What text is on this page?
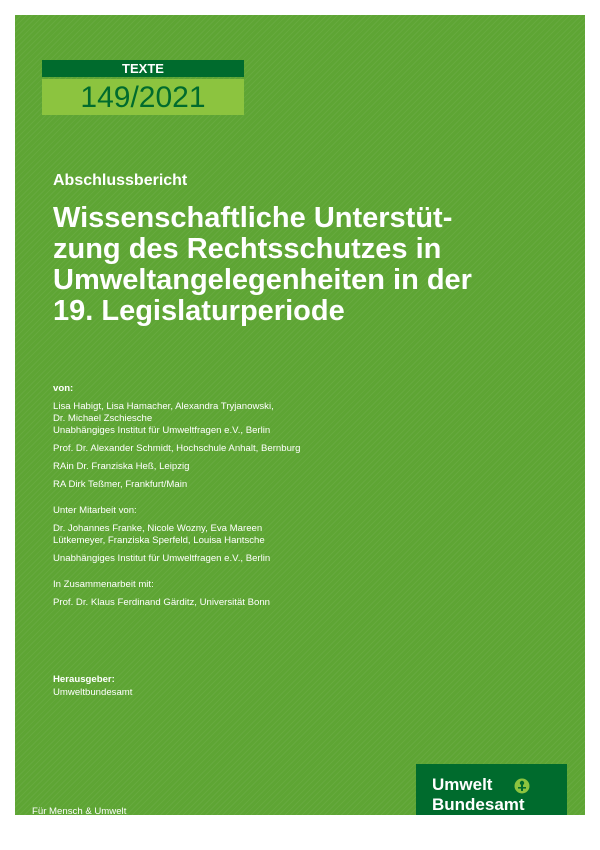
TEXTE
149/2021
Abschlussbericht
Wissenschaftliche Unterstüt-
zung des Rechtsschutzes in
Umweltangelegenheiten in der
19. Legislaturperiode
von:
Lisa Habigt, Lisa Hamacher, Alexandra Tryjanowski,
Dr. Michael Zschiesche
Unabhängiges Institut für Umweltfragen e.V., Berlin
Prof. Dr. Alexander Schmidt, Hochschule Anhalt, Bernburg
RAin Dr. Franziska Heß, Leipzig
RA Dirk Teßmer, Frankfurt/Main
Unter Mitarbeit von:
Dr. Johannes Franke, Nicole Wozny, Eva Mareen
Lütkemeyer, Franziska Sperfeld, Louisa Hantsche
Unabhängiges Institut für Umweltfragen e.V., Berlin
In Zusammenarbeit mit:
Prof. Dr. Klaus Ferdinand Gärditz, Universität Bonn
Herausgeber:
Umweltbundesamt
Für Mensch & Umwelt
Umwelt
Bundesamt
